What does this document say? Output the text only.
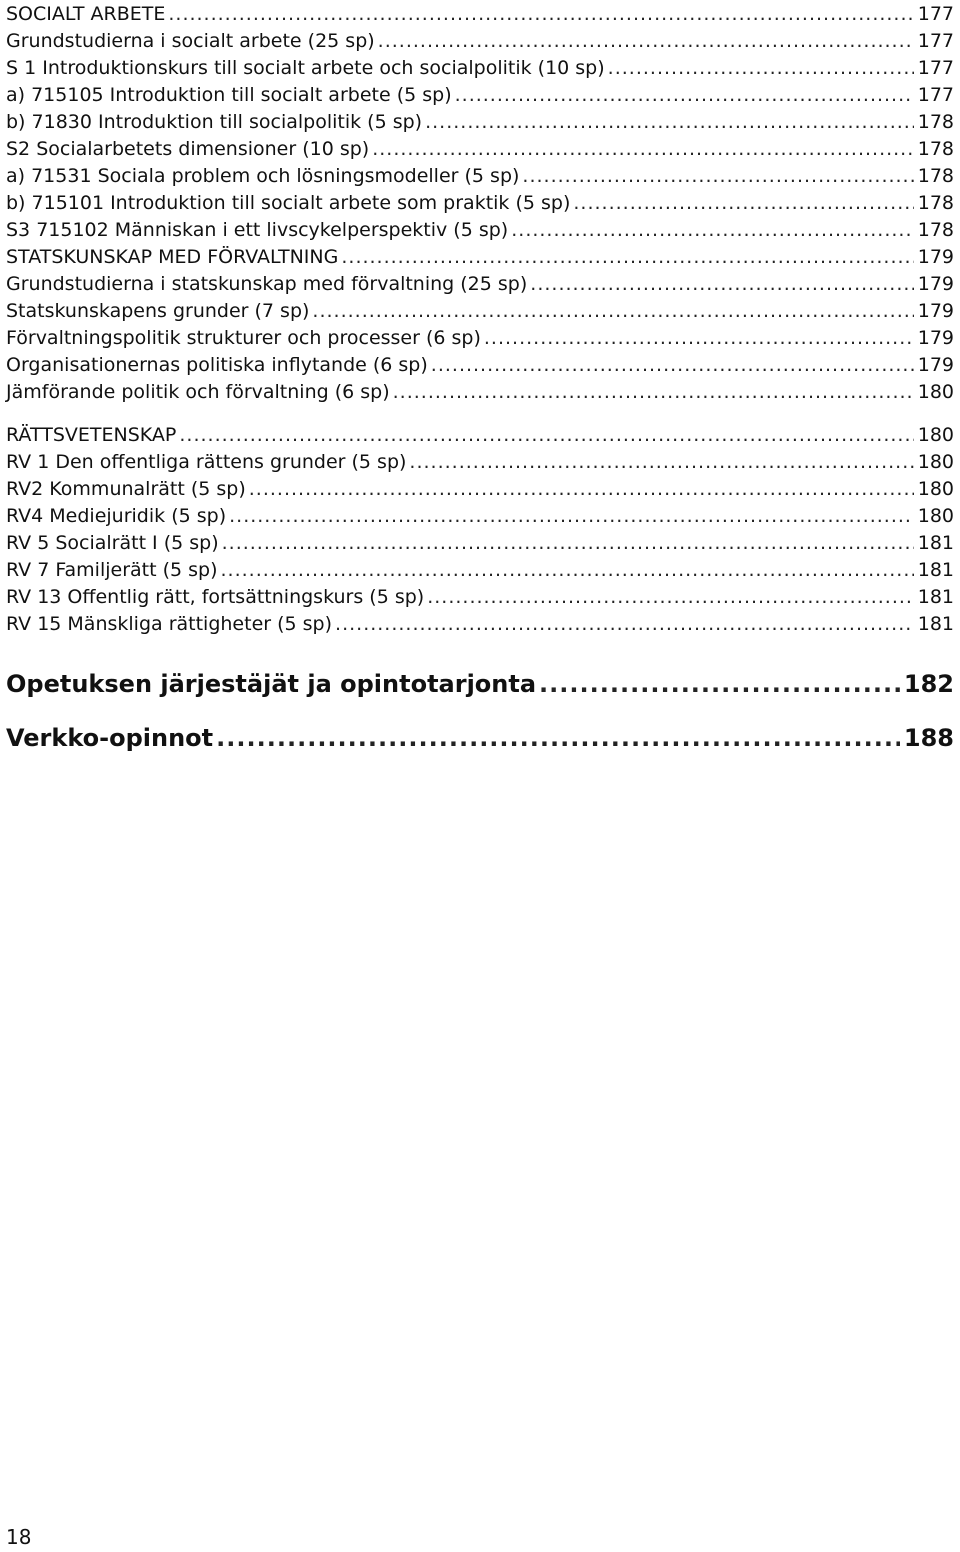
SOCIALT ARBETE .....	177
Grundstudierna i socialt arbete (25 sp) .....	177
S 1 Introduktionskurs till socialt arbete och socialpolitik (10 sp) .....	177
a) 715105 Introduktion till socialt arbete (5 sp) .....	177
b) 71830 Introduktion till socialpolitik (5 sp) .....	178
S2 Socialarbetets dimensioner (10 sp) .....	178
a) 71531 Sociala problem och lösningsmodeller (5 sp) .....	178
b) 715101 Introduktion till socialt arbete som praktik (5 sp) .....	178
S3 715102 Människan i ett livscykelperspektiv (5 sp) .....	178
STATSKUNSKAP MED FÖRVALTNING .....	179
Grundstudierna i statskunskap med förvaltning (25 sp) .....	179
Statskunskapens grunder (7 sp) .....	179
Förvaltningspolitik strukturer och processer (6 sp) .....	179
Organisationernas politiska inflytande (6 sp) .....	179
Jämförande politik och förvaltning (6 sp) .....	180
RÄTTSVETENSKAP .....	180
RV 1 Den offentliga rättens grunder (5 sp) .....	180
RV2 Kommunalrätt (5 sp) .....	180
RV4 Mediejuridik (5 sp) .....	180
RV 5 Socialrätt I (5 sp) .....	181
RV 7 Familjerätt (5 sp) .....	181
RV 13 Offentlig rätt, fortsättningskurs (5 sp) .....	181
RV 15 Mänskliga rättigheter (5 sp) .....	181
Opetuksen järjestäjät ja opintotarjonta .....	182
Verkko-opinnot .....	188
18
